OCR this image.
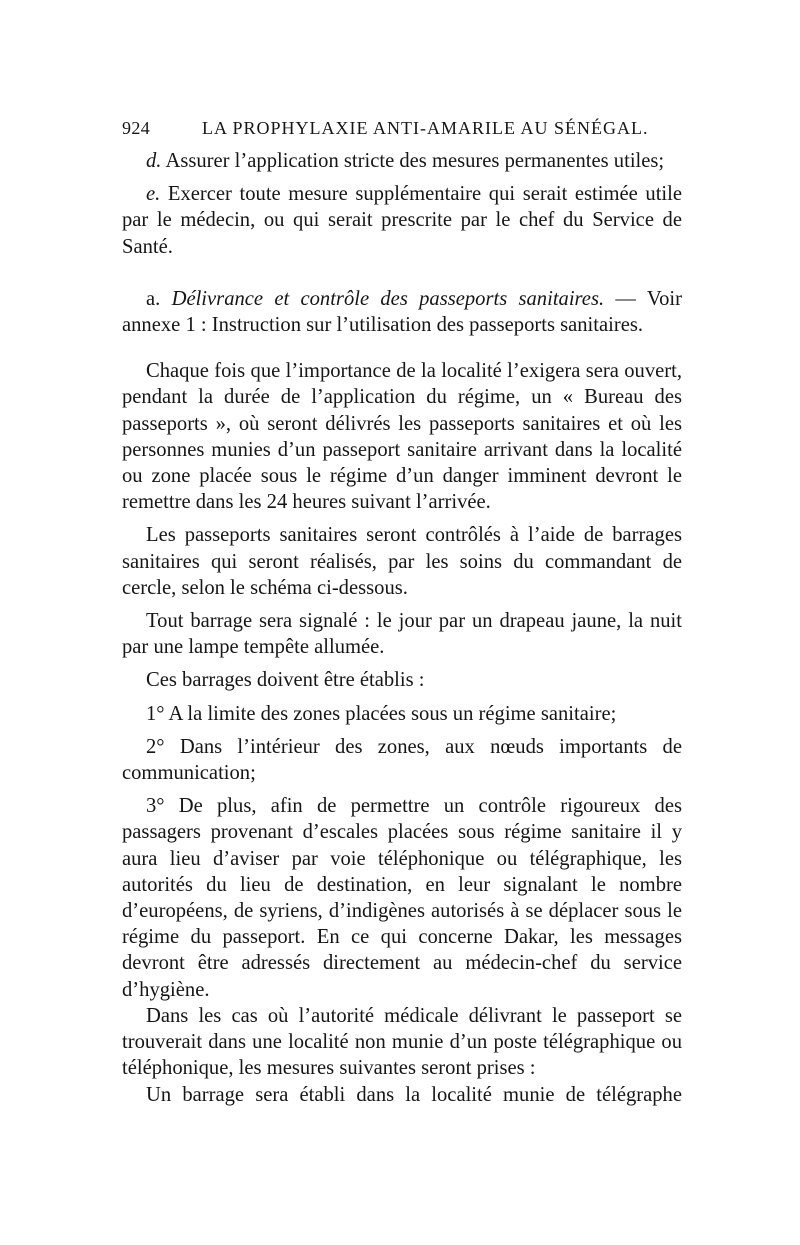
924	LA PROPHYLAXIE ANTI-AMARILE AU SÉNÉGAL.

d. Assurer l’application stricte des mesures permanentes utiles;

e. Exercer toute mesure supplémentaire qui serait estimée utile par le médecin, ou qui serait prescrite par le chef du Service de Santé.

a. Délivrance et contrôle des passeports sanitaires. — Voir annexe 1 : Instruction sur l’utilisation des passeports sanitaires.

Chaque fois que l’importance de la localité l’exigera sera ouvert, pendant la durée de l’application du régime, un « Bureau des passeports », où seront délivrés les passeports sanitaires et où les personnes munies d’un passeport sanitaire arrivant dans la localité ou zone placée sous le régime d’un danger imminent devront le remettre dans les 24 heures suivant l’arrivée.

Les passeports sanitaires seront contrôlés à l’aide de barrages sanitaires qui seront réalisés, par les soins du commandant de cercle, selon le schéma ci-dessous.

Tout barrage sera signalé : le jour par un drapeau jaune, la nuit par une lampe tempête allumée.

Ces barrages doivent être établis :

1° A la limite des zones placées sous un régime sanitaire;

2° Dans l’intérieur des zones, aux nœuds importants de communication;

3° De plus, afin de permettre un contrôle rigoureux des passagers provenant d’escales placées sous régime sanitaire il y aura lieu d’aviser par voie téléphonique ou télégraphique, les autorités du lieu de destination, en leur signalant le nombre d’européens, de syriens, d’indigènes autorisés à se déplacer sous le régime du passeport. En ce qui concerne Dakar, les messages devront être adressés directement au médecin-chef du service d’hygiène.

Dans les cas où l’autorité médicale délivrant le passeport se trouverait dans une localité non munie d’un poste télégraphique ou téléphonique, les mesures suivantes seront prises :

Un barrage sera établi dans la localité munie de télégraphe
